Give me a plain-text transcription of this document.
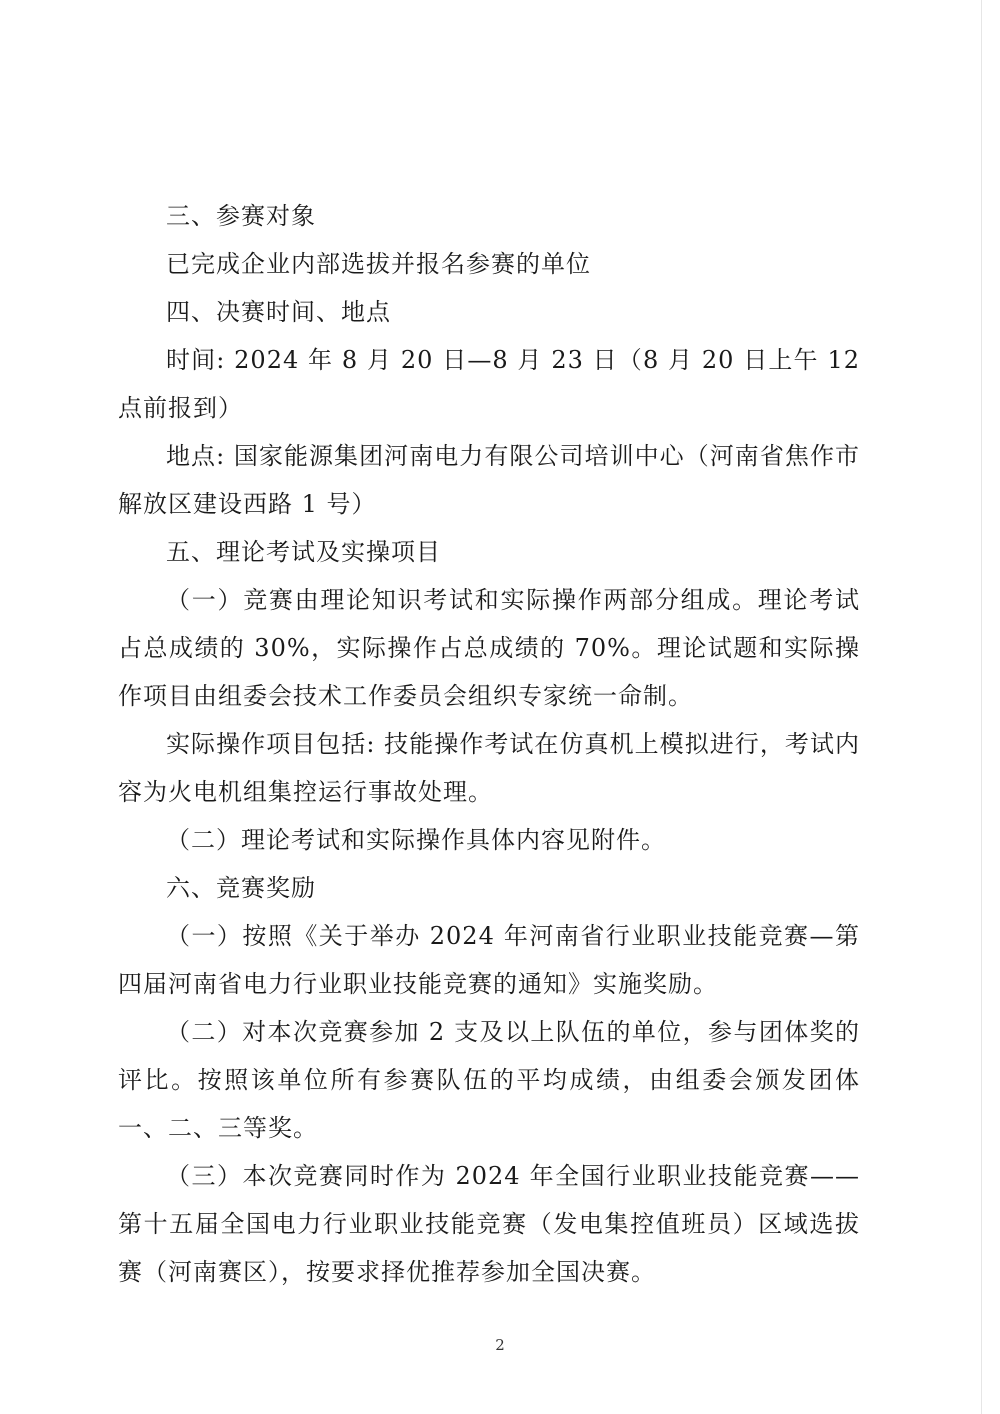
三、参赛对象

已完成企业内部选拔并报名参赛的单位

四、决赛时间、地点

时间: 2024 年 8 月 20 日—8 月 23 日（8 月 20 日上午 12 点前报到）

地点: 国家能源集团河南电力有限公司培训中心（河南省焦作市解放区建设西路 1 号）

五、理论考试及实操项目

（一）竞赛由理论知识考试和实际操作两部分组成。理论考试占总成绩的 30%，实际操作占总成绩的 70%。理论试题和实际操作项目由组委会技术工作委员会组织专家统一命制。

实际操作项目包括: 技能操作考试在仿真机上模拟进行，考试内容为火电机组集控运行事故处理。

（二）理论考试和实际操作具体内容见附件。

六、竞赛奖励

（一）按照《关于举办 2024 年河南省行业职业技能竞赛—第四届河南省电力行业职业技能竞赛的通知》实施奖励。

（二）对本次竞赛参加 2 支及以上队伍的单位，参与团体奖的评比。按照该单位所有参赛队伍的平均成绩，由组委会颁发团体一、二、三等奖。

（三）本次竞赛同时作为 2024 年全国行业职业技能竞赛——第十五届全国电力行业职业技能竞赛（发电集控值班员）区域选拔赛（河南赛区），按要求择优推荐参加全国决赛。

2
